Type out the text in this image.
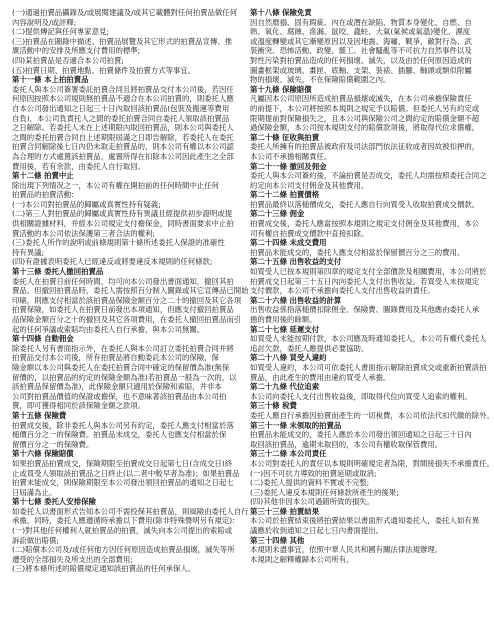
(一)通過拍賣品攝錄及/或展閱建議及/或其它載體對任何拍賣品做任何
內容說明及/或評釋;
(二)提供傳記與任何專家意見;
(三)拍賣品在圖錄中描述、拍賣品展覽及其它形式的拍賣品宣傳、推
廣活動中的安排及所應支付費用的標準;
(四)某拍賣品是否適合本公司拍賣;
(五)拍賣日期、拍賣地點、拍賣條件及拍賣方式等事宜。
第十一條 本上拍拍賣品
委托人與本公司簽署委託拍賣合同且將拍賣品交付本公司後，若因任
何原因按照本公司規則無拍賣品不適合在本公司拍賣的，則委托人應
自本公司發出通知之日起三十日內取回該拍賣品(包裝及搬運等費用
自負)，本公司負責托人之間的委托拍賣合同自委托人領取該拍賣品
之日解除。若委托人未在上述期限內取回拍賣品，則本公司與委托人
之間的委托拍賣合同自上述期限屆滿之日即告解除，若委托人在委托
拍賣合同解除後七日內仍未取走拍賣品的，則本公司有權以本公司認
為合理的方式處置該拍賣品，處置所得在扣除本公司因此產生之全部
費用後，若有余款，由委托人自行取回。
第十二條 拍賣中止
除出現下列情况之一，本公司有權在開拍前的任何時間中止任何
拍賣品的拍賣活動:
(一)本公司對拍賣品的歸屬或真實性持有疑義;
(二)第三人對拍賣品的歸屬或真實性持有異議且經提供初步證明或提
供相關證據材料，并經本公司規定支付擔保金，同時書面要求中止拍
賣活動的本公司依法保護第三者合法的權利;
(三)委托人所作的說明或前條規則第十條所述委托人保證的准確性
持有異議;
(四)有證據表明委托人已經違反或將要違反本規則的任何條款;
第十三條 委托人撤回拍賣品
委托人在拍賣日前任何時間，均可向本公司發出書面通知，撤回其拍
賣品。但撤回拍賣品時，委托人需按照百分制入圖錄或其它宣傳品已開始
印刷，則應支付相當於該拍賣品保險金額百分之二十的撤回及其它各項
拍賣保險，如委托人在拍賣日前發出本項通知，但應支付撤回拍賣品
品保險金額百分之十的撤回及其它各項費用，在委托人撤回拍賣品而引
起的任何爭議或索賠均由委托人自行承擔，與本公司無關。
第十四條 自動佣金
除委托人另有書面指示外，在委托人與本公司訂立委托拍賣合同并將
拍賣品交付本公司後，所有拍賣品將自動委託本公司的保險，保
險金額以本公司與委托人在委托拍賣合同中確定的保留價為准(無保
留價的，以拍賣品的約定的保險金額為准)若拍賣品一般為一次的，以
該拍賣品保留價為准)，此保險金額只適用於保險和索賠，并非本
公司對拍賣品價值的保證或擔保，也不意味著該拍賣品由本公司拍
賣，即可獲得相同於該保險金額之款項。
第十五條 保險費
拍賣成交後，除非委托人與本公司另有約定，委托人應支付相當於落
槌價百分之一的保險費。拍賣品未成交，委托人也應支付相當於保
留價百分之一的保險費。
第十六條 保險賠償
如果拍賣品拍賣成交，保險期限至拍賣成交日起第七日(含成交日)終
止或買受人領取該拍賣品之日終止(以二者中較早者為准)；如果拍賣品
拍賣未能成交，則保險期限至本公司發出領回拍賣品的通知之日起七
日屆滿為止。
第十七條 委托人安排保險
如委托人以書面形式告知本公司不需投保其拍賣品，則風險由委托人自行
承擔，同時，委托人應遵循時承擔以下費用(除非特殊聲明另有規定):
(一)對其他任何權利人就拍賣品的拍賣，滅失向本公司提出的索賠或
訴訟做出賠償;
(二)賠償本公司及/或任何他方因任何原因造成拍賣品損壞，滅失等所
遭受的全部損失及所支出的全部費用;
(三)將本條所述的賠償規定通知該拍賣品的任何承保人。
第十八條 保險免責
因自然磨損、固有瑕疵、內在或潛在缺陷、物質本身變化、自燃、自
熱、氧化、腐蝕、滲漏、鼠咬、蟲蛀、大氣(氣候或氣溫)變化、濕度
或溫度轉變或其它漸變原因以及因地震、海嘯、戰爭、敵對行為、武
裝衝突、恐怖活動、政變、罷工、社會騷亂等不可抗力自然事件以及
對性污染對拍賣品造成的任何損壞、滅失，以及由於任何原因造成的
圖畫框架或玻璃、畫匣、底軸、支架、裝裱、插腳、軸頭或類似附屬
物的損壞、滅失，不在保險賠償範圍之內。
第十九條 保險賠償
凡屬因本公司原因所造成拍賣品損壞或滅失，在本公司承擔保險責任
的前提下，本公司將按照本規則之規定予以賠償。但委托人另有約定或
限期提前對保險損失之，且本公司與保險公司之間約定的賠償金額不超
過保險金額，本公司按本規則支付的賠償款項後，將取得代位求償權。
第二十條 征收與拍賣
委托人所擁有的拍賣品被政府及司法部門依法征收或者因故被扣押的，
本公司不承擔相關責任。
第二十一條 撤回及佣金
委托人與本公司簽約後，不論拍賣是否成交，委托人均需按照委托合同之
約定向本公司支付佣金及其他費用。
第二十二條 拍賣價格
拍賣品最終以落槌價成交，委托人應自行向買受人收取拍賣成交價款。
第二十三條 佣金
拍賣成交後，委托人應當按照本規則之規定支付佣金及其他費用，本公
司有權自拍賣成交價款中直接扣除。
第二十四條 未成交費用
拍賣品未能成交的，委托人應支付相當於保留價百分之三的費用。
第二十五條 出售收益的支付
如買受人已按本規則第四章的規定支付全部價款及相關費用，本公司將於
拍賣成交日起第三十五日內向委托人支付出售收益。若買受人未按規定
支付價款，本公司不承擔向委托人支付出售收益的責任。
第二十六條 出售收益的計算
出售收益係指落槌價扣除佣金、保險費、圖錄費用及其他應由委托人承
擔的費用後的餘額。
第二十七條 延遲支付
如買受人未能按期付款，本公司應及時通知委托人，本公司有權代委托人
追討欠款，委托人應提供必要協助。
第二十八條 買受人違約
如買受人違約，本公司可依委托人書面指示解除拍賣成交或重新拍賣該拍
賣品，由此產生的費用由違約買受人承擔。
第二十九條 代位追索
本公司向委托人支付出售收益後，即取得代位向買受人追索的權利。
第三十條 稅費
委托人應自行承擔因拍賣而產生的一切稅費，本公司依法代扣代繳的除外。
第三十一條 未領取的拍賣品
拍賣品未能成交的，委托人應於本公司發出領回通知之日起三十日內
取回該拍賣品，逾期未取回的，本公司有權收取保管費用。
第三十二條 本公司責任
本公司對委托人的責任以本規則明確規定者為限，對間接損失不承擔責任。
(一)因不可抗力導致的拍賣延期或取消;
(二)委托人提供的資料不實或不完整;
(三)委托人違反本規則任何條款所產生的後果;
(四)其他非因本公司過錯所致的損失。
第三十三條 拍賣結果
本公司於拍賣結束後將拍賣結果以書面形式通知委托人，委托人如有異
議應於收到通知之日起七日內書面提出。
第三十四條 其他
本規則未盡事宜，依照中華人民共和國有關法律法規辦理。
本規則之解釋權歸本公司所有。
